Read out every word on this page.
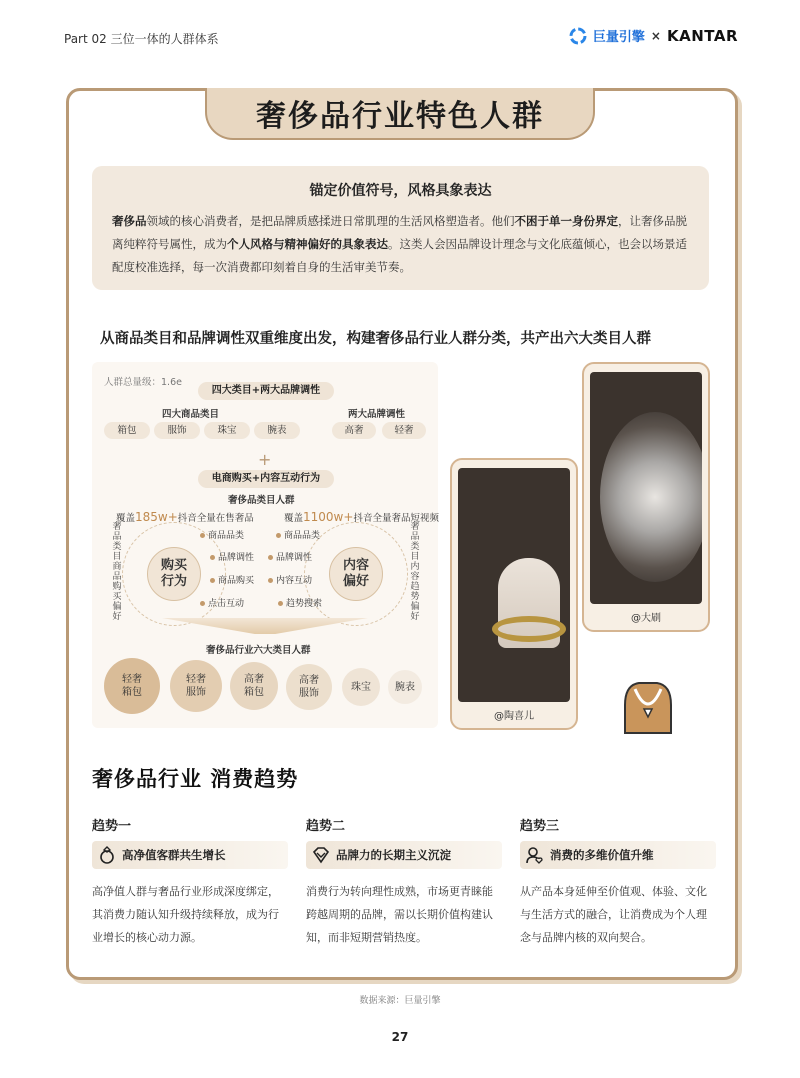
Part 02 三位一体的人群体系	巨量引擎 × KANTAR
奢侈品行业特色人群
锚定价值符号，风格具象表达
奢侈品领域的核心消费者，是把品牌质感揉进日常肌理的生活风格塑造者。他们不困于单一身份界定，让奢侈品脱离纯粹符号属性，成为个人风格与精神偏好的具象表达。这类人会因品牌设计理念与文化底蕴倾心，也会以场景适配度校准选择，每一次消费都印刻着自身的生活审美节奏。
从商品类目和品牌调性双重维度出发，构建奢侈品行业人群分类，共产出六大类目人群
人群总量级：1.6e
四大类目+两大品牌调性
四大商品类目
箱包	服饰	珠宝	腕表
两大品牌调性
高奢	轻奢
+
电商购买+内容互动行为
奢侈品类目人群
覆盖185w+抖音全量在售奢品	覆盖1100w+抖音全量奢品短视频
购买
行为
内容
偏好
奢品类目商品购买偏好
奢品类目内容趋势偏好
商品品类
品牌调性
商品购买
点击互动
商品品类
品牌调性
内容互动
趋势搜索
奢侈品行业六大类目人群
轻奢
箱包
轻奢
服饰
高奢
箱包
高奢
服饰
珠宝	腕表
@陶喜儿
@大刷
奢侈品行业 消费趋势
趋势一
高净值客群共生增长
高净值人群与奢品行业形成深度绑定，其消费力随认知升级持续释放，成为行业增长的核心动力源。
趋势二
品牌力的长期主义沉淀
消费行为转向理性成熟，市场更青睐能跨越周期的品牌，需以长期价值构建认知，而非短期营销热度。
趋势三
消费的多维价值升维
从产品本身延伸至价值观、体验、文化与生活方式的融合，让消费成为个人理念与品牌内核的双向契合。
数据来源：巨量引擎
27
